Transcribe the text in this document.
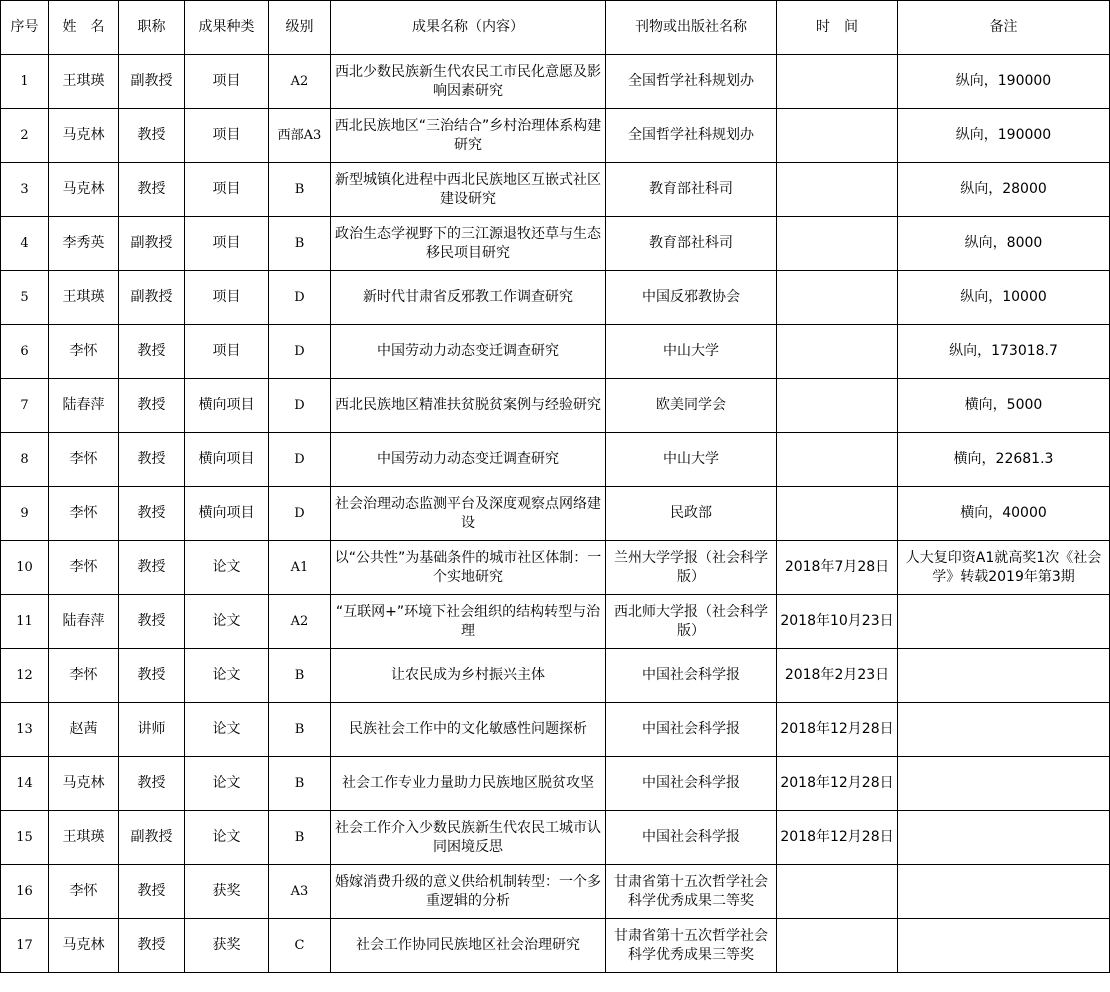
序号	姓　名	职称	成果种类	级别	成果名称（内容）	刊物或出版社名称	时　间	备注
1	王琪瑛	副教授	项目	A2	西北少数民族新生代农民工市民化意愿及影响因素研究	全国哲学社科规划办		纵向，190000
2	马克林	教授	项目	西部A3	西北民族地区“三治结合”乡村治理体系构建研究	全国哲学社科规划办		纵向，190000
3	马克林	教授	项目	B	新型城镇化进程中西北民族地区互嵌式社区建设研究	教育部社科司		纵向，28000
4	李秀英	副教授	项目	B	政治生态学视野下的三江源退牧还草与生态移民项目研究	教育部社科司		纵向，8000
5	王琪瑛	副教授	项目	D	新时代甘肃省反邪教工作调查研究	中国反邪教协会		纵向，10000
6	李怀	教授	项目	D	中国劳动力动态变迁调查研究	中山大学		纵向，173018.7
7	陆春萍	教授	横向项目	D	西北民族地区精准扶贫脱贫案例与经验研究	欧美同学会		横向，5000
8	李怀	教授	横向项目	D	中国劳动力动态变迁调查研究	中山大学		横向，22681.3
9	李怀	教授	横向项目	D	社会治理动态监测平台及深度观察点网络建设	民政部		横向，40000
10	李怀	教授	论文	A1	以“公共性”为基础条件的城市社区体制：一个实地研究	兰州大学学报（社会科学版）	2018年7月28日	人大复印资A1就高奖1次《社会学》转载2019年第3期
11	陆春萍	教授	论文	A2	“互联网+”环境下社会组织的结构转型与治理	西北师大学报（社会科学版）	2018年10月23日	
12	李怀	教授	论文	B	让农民成为乡村振兴主体	中国社会科学报	2018年2月23日	
13	赵茜	讲师	论文	B	民族社会工作中的文化敏感性问题探析	中国社会科学报	2018年12月28日	
14	马克林	教授	论文	B	社会工作专业力量助力民族地区脱贫攻坚	中国社会科学报	2018年12月28日	
15	王琪瑛	副教授	论文	B	社会工作介入少数民族新生代农民工城市认同困境反思	中国社会科学报	2018年12月28日	
16	李怀	教授	获奖	A3	婚嫁消费升级的意义供给机制转型：一个多重逻辑的分析	甘肃省第十五次哲学社会科学优秀成果二等奖		
17	马克林	教授	获奖	C	社会工作协同民族地区社会治理研究	甘肃省第十五次哲学社会科学优秀成果三等奖		
